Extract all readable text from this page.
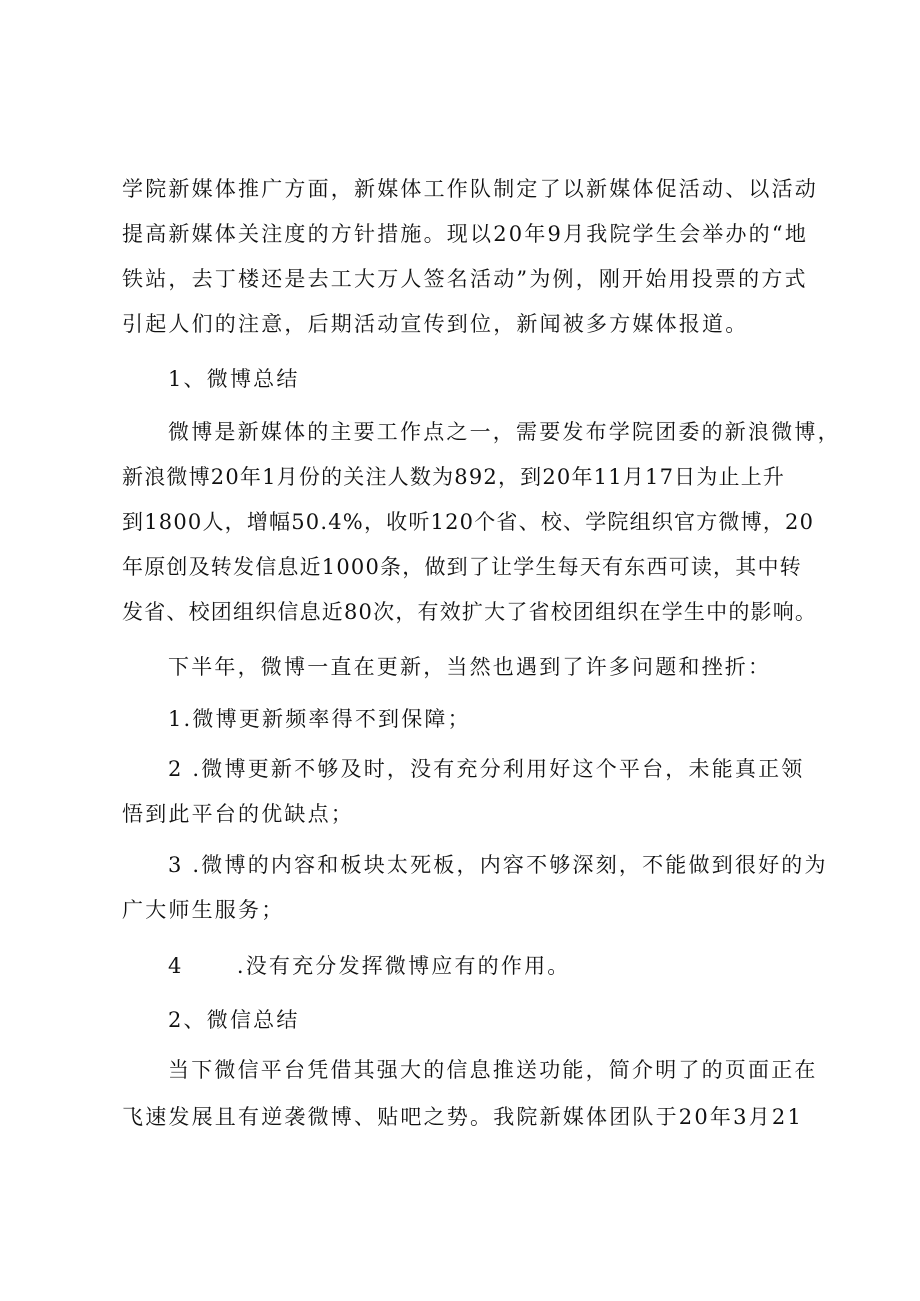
学院新媒体推广方面，新媒体工作队制定了以新媒体促活动、以活动
提高新媒体关注度的方针措施。现以20年9月我院学生会举办的“地
铁站，去丁楼还是去工大万人签名活动”为例，刚开始用投票的方式
引起人们的注意，后期活动宣传到位，新闻被多方媒体报道。
1、微博总结
微博是新媒体的主要工作点之一，需要发布学院团委的新浪微博，
新浪微博20年1月份的关注人数为892，到20年11月17日为止上升
到1800人，增幅50.4%，收听120个省、校、学院组织官方微博，20
年原创及转发信息近1000条，做到了让学生每天有东西可读，其中转
发省、校团组织信息近80次，有效扩大了省校团组织在学生中的影响。
下半年，微博一直在更新，当然也遇到了许多问题和挫折：
1.微博更新频率得不到保障；
2 .微博更新不够及时，没有充分利用好这个平台，未能真正领
悟到此平台的优缺点；
3 .微博的内容和板块太死板，内容不够深刻，不能做到很好的为
广大师生服务；
4      .没有充分发挥微博应有的作用。
2、微信总结
当下微信平台凭借其强大的信息推送功能，简介明了的页面正在
飞速发展且有逆袭微博、贴吧之势。我院新媒体团队于20年3月21
